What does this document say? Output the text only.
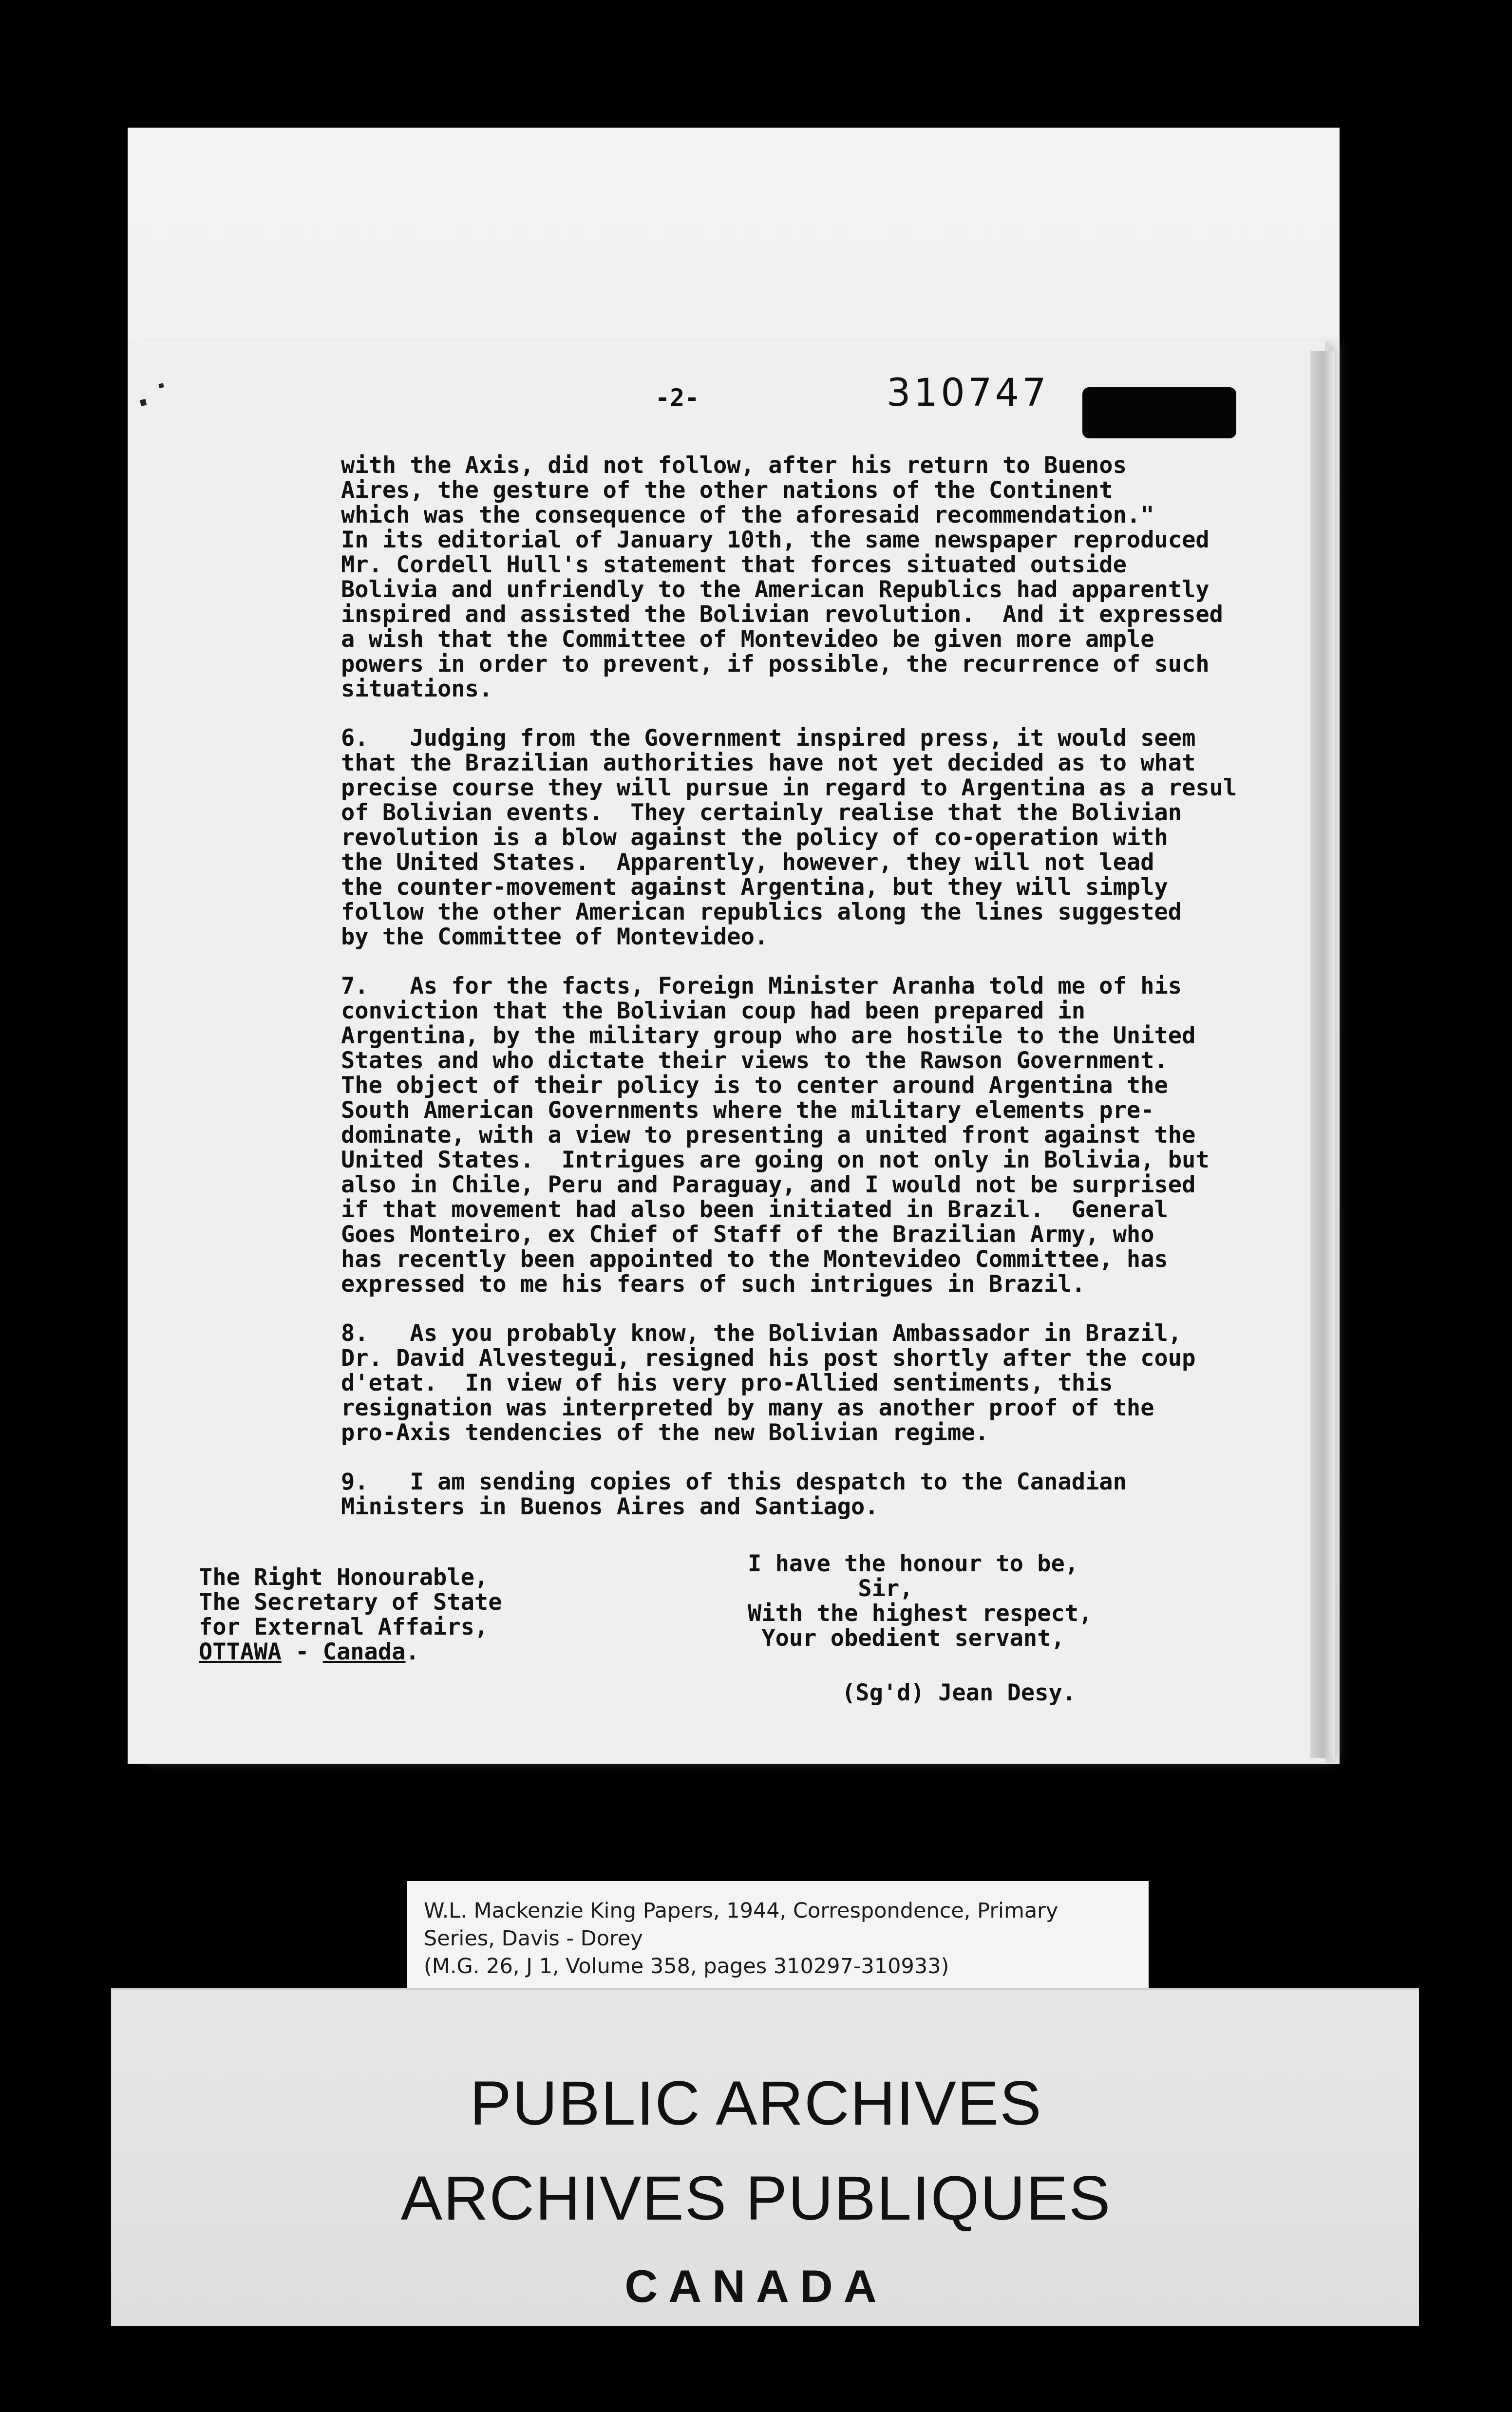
·˙	-2-	310747

with the Axis, did not follow, after his return to Buenos
Aires, the gesture of the other nations of the Continent
which was the consequence of the aforesaid recommendation."
In its editorial of January 10th, the same newspaper reproduced
Mr. Cordell Hull's statement that forces situated outside
Bolivia and unfriendly to the American Republics had apparently
inspired and assisted the Bolivian revolution.  And it expressed
a wish that the Committee of Montevideo be given more ample
powers in order to prevent, if possible, the recurrence of such
situations.

6.   Judging from the Government inspired press, it would seem
that the Brazilian authorities have not yet decided as to what
precise course they will pursue in regard to Argentina as a resul
of Bolivian events.  They certainly realise that the Bolivian
revolution is a blow against the policy of co-operation with
the United States.  Apparently, however, they will not lead
the counter-movement against Argentina, but they will simply
follow the other American republics along the lines suggested
by the Committee of Montevideo.

7.   As for the facts, Foreign Minister Aranha told me of his
conviction that the Bolivian coup had been prepared in
Argentina, by the military group who are hostile to the United
States and who dictate their views to the Rawson Government.
The object of their policy is to center around Argentina the
South American Governments where the military elements pre-
dominate, with a view to presenting a united front against the
United States.  Intrigues are going on not only in Bolivia, but
also in Chile, Peru and Paraguay, and I would not be surprised
if that movement had also been initiated in Brazil.  General
Goes Monteiro, ex Chief of Staff of the Brazilian Army, who
has recently been appointed to the Montevideo Committee, has
expressed to me his fears of such intrigues in Brazil.

8.   As you probably know, the Bolivian Ambassador in Brazil,
Dr. David Alvestegui, resigned his post shortly after the coup
d'etat.  In view of his very pro-Allied sentiments, this
resignation was interpreted by many as another proof of the
pro-Axis tendencies of the new Bolivian regime.

9.   I am sending copies of this despatch to the Canadian
Ministers in Buenos Aires and Santiago.

The Right Honourable,
The Secretary of State
for External Affairs,
OTTAWA - Canada.
I have the honour to be,
Sir,
With the highest respect,
Your obedient servant,
(Sg'd) Jean Desy.
W.L. Mackenzie King Papers, 1944, Correspondence, Primary
Series, Davis - Dorey
(M.G. 26, J 1, Volume 358, pages 310297-310933)
PUBLIC ARCHIVES
ARCHIVES PUBLIQUES
CANADA
